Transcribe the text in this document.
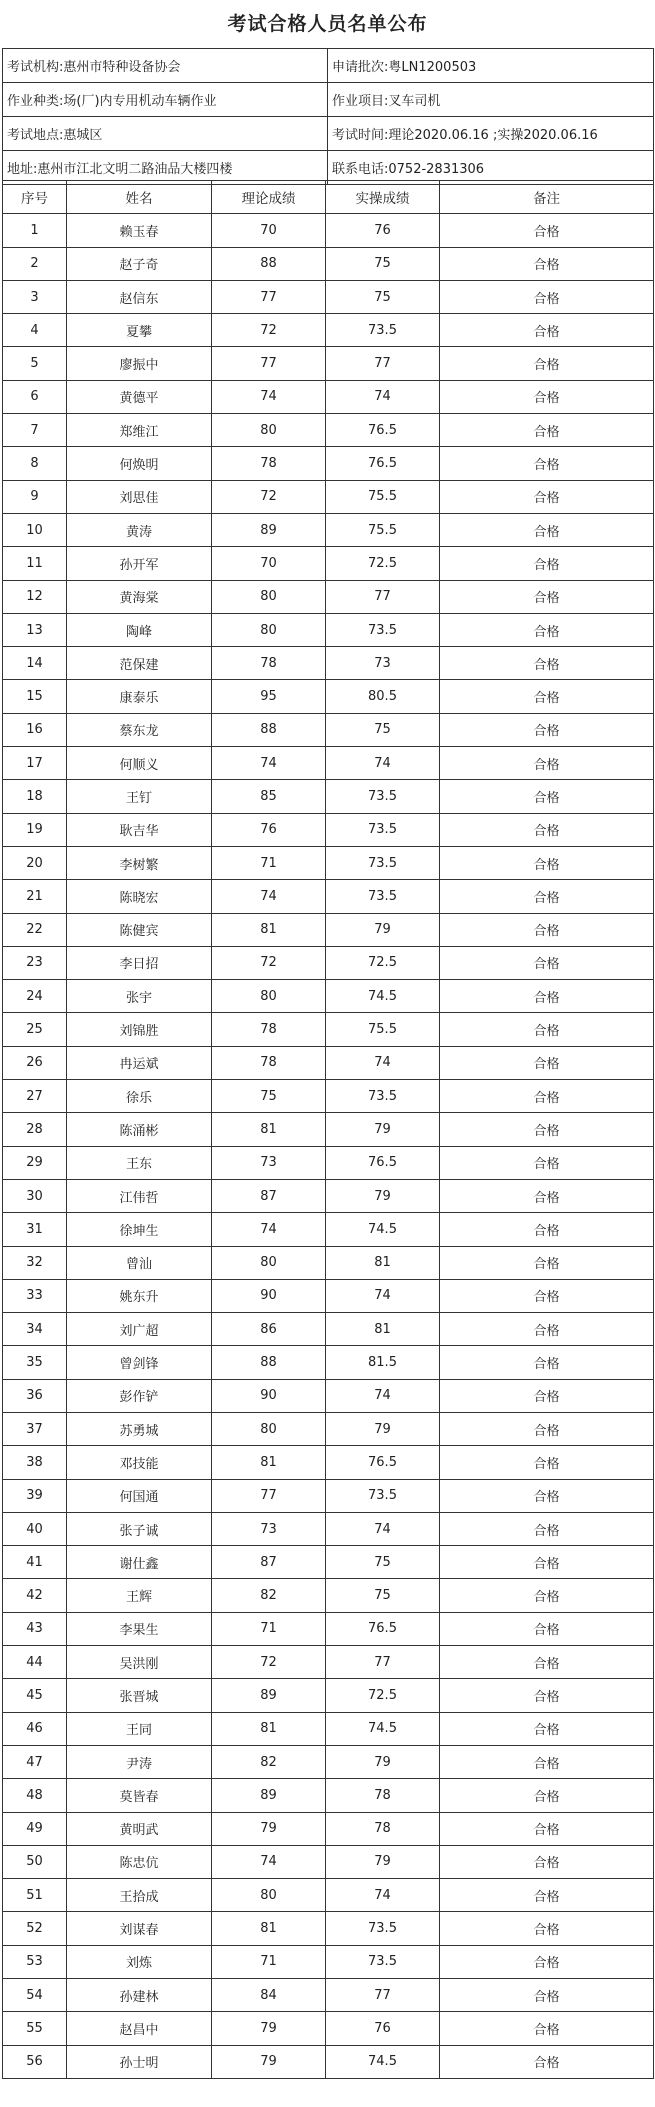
考试合格人员名单公布
考试机构:惠州市特种设备协会	申请批次:粤LN1200503
作业种类:场(厂)内专用机动车辆作业	作业项目:叉车司机
考试地点:惠城区	考试时间:理论2020.06.16 ;实操2020.06.16
地址:惠州市江北文明二路油品大楼四楼	联系电话:0752-2831306
序号	姓名	理论成绩	实操成绩	备注
1	赖玉春	70	76	合格
2	赵子奇	88	75	合格
3	赵信东	77	75	合格
4	夏攀	72	73.5	合格
5	廖振中	77	77	合格
6	黄德平	74	74	合格
7	郑维江	80	76.5	合格
8	何焕明	78	76.5	合格
9	刘思佳	72	75.5	合格
10	黄涛	89	75.5	合格
11	孙开军	70	72.5	合格
12	黄海棠	80	77	合格
13	陶峰	80	73.5	合格
14	范保建	78	73	合格
15	康泰乐	95	80.5	合格
16	蔡东龙	88	75	合格
17	何顺义	74	74	合格
18	王钉	85	73.5	合格
19	耿吉华	76	73.5	合格
20	李树繁	71	73.5	合格
21	陈晓宏	74	73.5	合格
22	陈健宾	81	79	合格
23	李日招	72	72.5	合格
24	张宇	80	74.5	合格
25	刘锦胜	78	75.5	合格
26	冉运斌	78	74	合格
27	徐乐	75	73.5	合格
28	陈涌彬	81	79	合格
29	王东	73	76.5	合格
30	江伟哲	87	79	合格
31	徐坤生	74	74.5	合格
32	曾汕	80	81	合格
33	姚东升	90	74	合格
34	刘广超	86	81	合格
35	曾剑锋	88	81.5	合格
36	彭作铲	90	74	合格
37	苏勇城	80	79	合格
38	邓技能	81	76.5	合格
39	何国通	77	73.5	合格
40	张子诚	73	74	合格
41	谢仕鑫	87	75	合格
42	王辉	82	75	合格
43	李果生	71	76.5	合格
44	吴洪刚	72	77	合格
45	张晋城	89	72.5	合格
46	王同	81	74.5	合格
47	尹涛	82	79	合格
48	莫皆春	89	78	合格
49	黄明武	79	78	合格
50	陈忠伉	74	79	合格
51	王拾成	80	74	合格
52	刘谋春	81	73.5	合格
53	刘炼	71	73.5	合格
54	孙建林	84	77	合格
55	赵昌中	79	76	合格
56	孙士明	79	74.5	合格
